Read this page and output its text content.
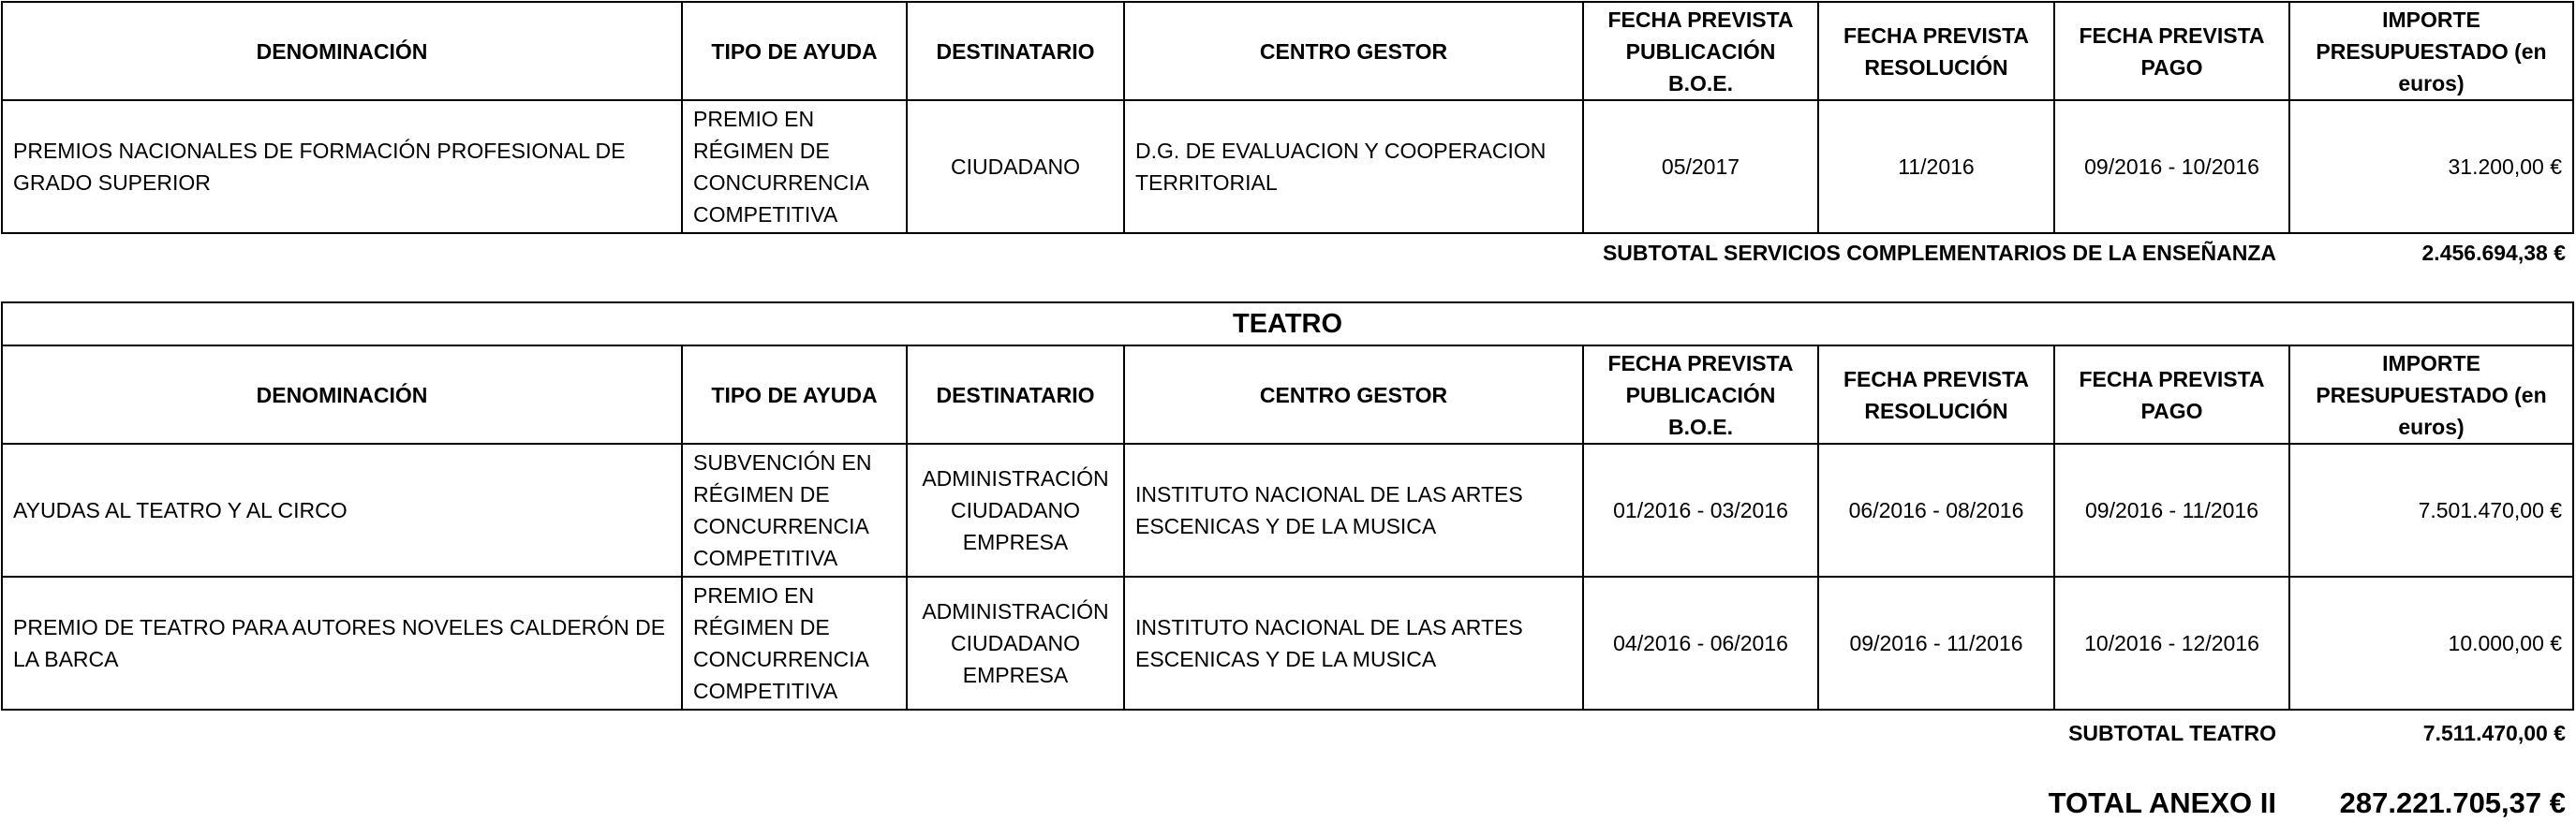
DENOMINACIÓN	TIPO DE AYUDA	DESTINATARIO	CENTRO GESTOR	FECHA PREVISTA PUBLICACIÓN B.O.E.	FECHA PREVISTA RESOLUCIÓN	FECHA PREVISTA PAGO	IMPORTE PRESUPUESTADO (en euros)
PREMIOS NACIONALES DE FORMACIÓN PROFESIONAL DE GRADO SUPERIOR	PREMIO EN RÉGIMEN DE CONCURRENCIA COMPETITIVA	CIUDADANO	D.G. DE EVALUACION Y COOPERACION TERRITORIAL	05/2017	11/2016	09/2016 - 10/2016	31.200,00 €
SUBTOTAL SERVICIOS COMPLEMENTARIOS DE LA ENSEÑANZA	2.456.694,38 €
TEATRO							
DENOMINACIÓN	TIPO DE AYUDA	DESTINATARIO	CENTRO GESTOR	FECHA PREVISTA PUBLICACIÓN B.O.E.	FECHA PREVISTA RESOLUCIÓN	FECHA PREVISTA PAGO	IMPORTE PRESUPUESTADO (en euros)
AYUDAS AL TEATRO Y AL CIRCO	SUBVENCIÓN EN RÉGIMEN DE CONCURRENCIA COMPETITIVA	ADMINISTRACIÓN CIUDADANO EMPRESA	INSTITUTO NACIONAL DE LAS ARTES ESCENICAS Y DE LA MUSICA	01/2016 - 03/2016	06/2016 - 08/2016	09/2016 - 11/2016	7.501.470,00 €
PREMIO DE TEATRO PARA AUTORES NOVELES CALDERÓN DE LA BARCA	PREMIO EN RÉGIMEN DE CONCURRENCIA COMPETITIVA	ADMINISTRACIÓN CIUDADANO EMPRESA	INSTITUTO NACIONAL DE LAS ARTES ESCENICAS Y DE LA MUSICA	04/2016 - 06/2016	09/2016 - 11/2016	10/2016 - 12/2016	10.000,00 €
SUBTOTAL TEATRO	7.511.470,00 €
TOTAL ANEXO II 287.221.705,37 €
